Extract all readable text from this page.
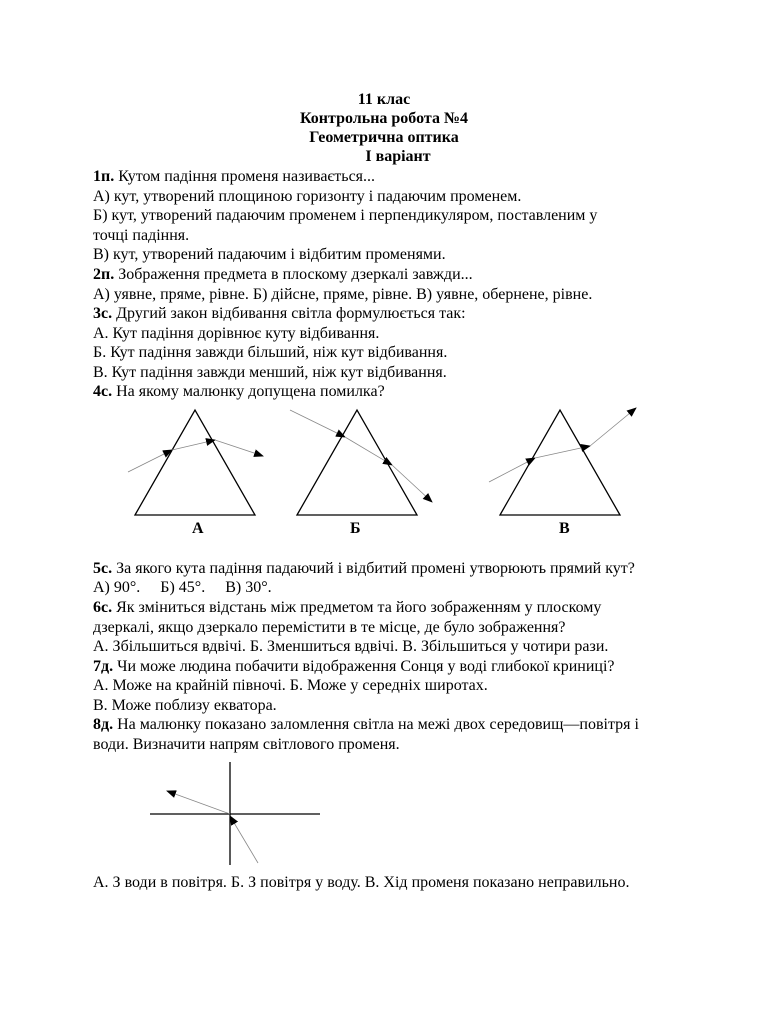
11 клас
Контрольна робота №4
Геометрична оптика
І варіант
1п. Кутом падіння променя називається...
А) кут, утворений площиною горизонту і падаючим променем.
Б) кут, утворений падаючим променем і перпендикуляром, поставленим у
точці падіння.
В) кут, утворений падаючим і відбитим променями.
2п. Зображення предмета в плоскому дзеркалі завжди...
А) уявне, пряме, рівне. Б) дійсне, пряме, рівне. В) уявне, обернене, рівне.
3с. Другий закон відбивання світла формулюється так:
А. Кут падіння дорівнює куту відбивання.
Б. Кут падіння завжди більший, ніж кут відбивання.
В. Кут падіння завжди менший, ніж кут відбивання.
4с. На якому малюнку допущена помилка?
А	Б	В
5с. За якого кута падіння падаючий і відбитий промені утворюють прямий кут?
А) 90°.     Б) 45°.     В) 30°.
6с. Як зміниться відстань між предметом та його зображенням у плоскому
дзеркалі, якщо дзеркало перемістити в те місце, де було зображення?
А. Збільшиться вдвічі. Б. Зменшиться вдвічі. В. Збільшиться у чотири рази.
7д. Чи може людина побачити відображення Сонця у воді глибокої криниці?
А. Може на крайній півночі. Б. Може у середніх широтах.
В. Може поблизу екватора.
8д. На малюнку показано заломлення світла на межі двох середовищ—повітря і
води. Визначити напрям світлового променя.
А. З води в повітря. Б. З повітря у воду. В. Хід променя показано неправильно.
